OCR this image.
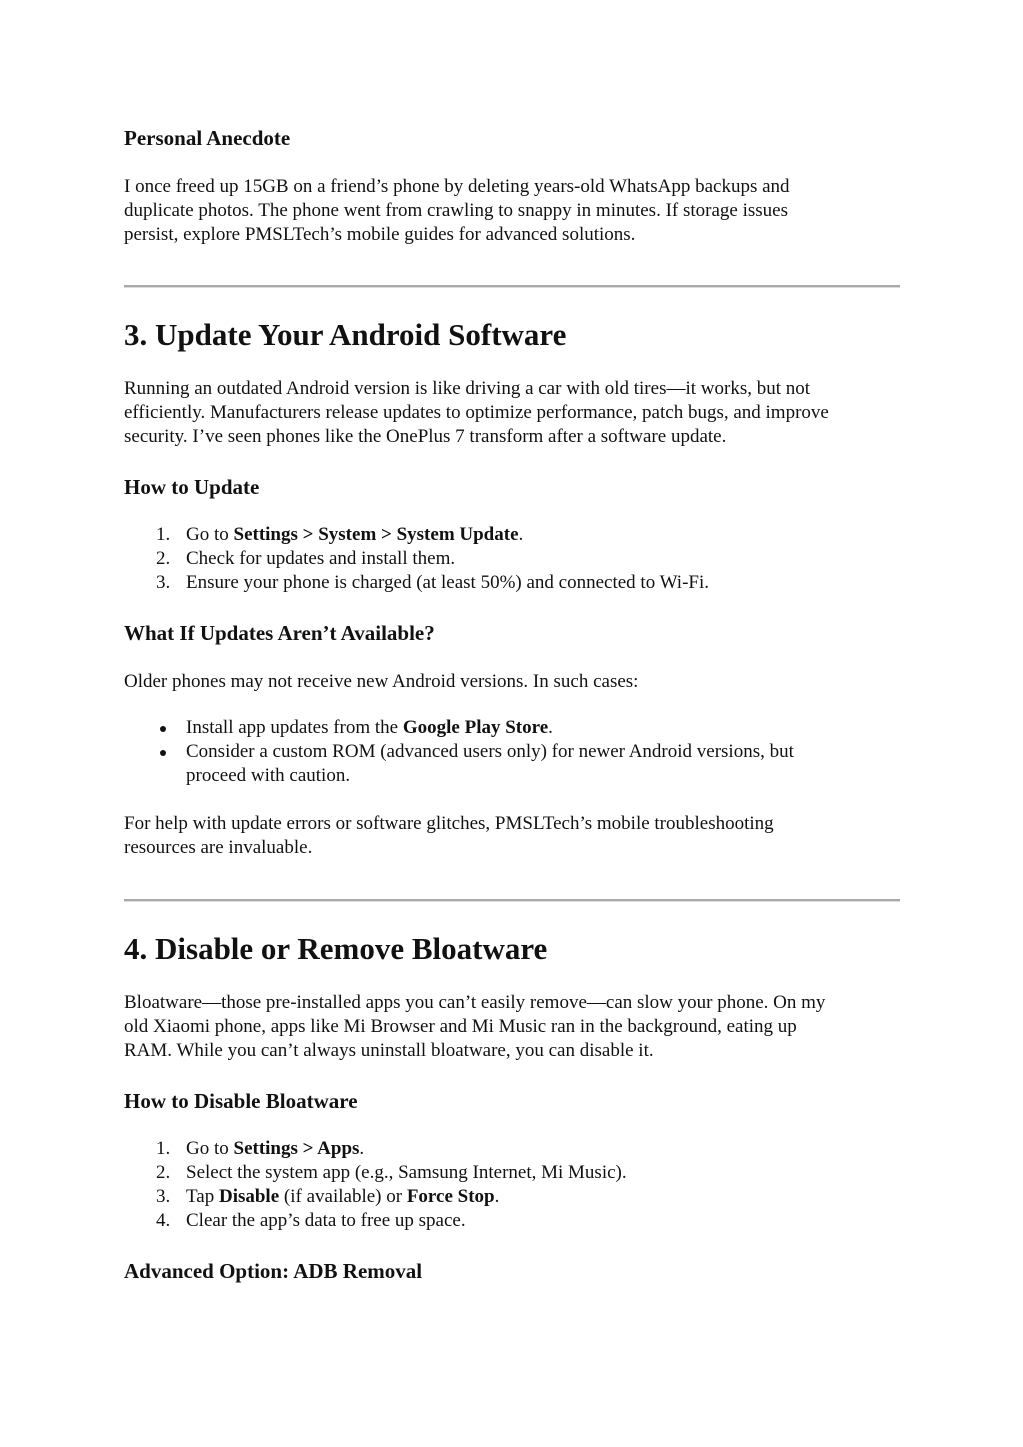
Personal Anecdote
I once freed up 15GB on a friend’s phone by deleting years-old WhatsApp backups and
duplicate photos. The phone went from crawling to snappy in minutes. If storage issues
persist, explore PMSLTech’s mobile guides for advanced solutions.
3. Update Your Android Software
Running an outdated Android version is like driving a car with old tires—it works, but not
efficiently. Manufacturers release updates to optimize performance, patch bugs, and improve
security. I’ve seen phones like the OnePlus 7 transform after a software update.
How to Update
1. Go to Settings > System > System Update.
2. Check for updates and install them.
3. Ensure your phone is charged (at least 50%) and connected to Wi-Fi.
What If Updates Aren’t Available?
Older phones may not receive new Android versions. In such cases:
Install app updates from the Google Play Store.
Consider a custom ROM (advanced users only) for newer Android versions, but
proceed with caution.
For help with update errors or software glitches, PMSLTech’s mobile troubleshooting
resources are invaluable.
4. Disable or Remove Bloatware
Bloatware—those pre-installed apps you can’t easily remove—can slow your phone. On my
old Xiaomi phone, apps like Mi Browser and Mi Music ran in the background, eating up
RAM. While you can’t always uninstall bloatware, you can disable it.
How to Disable Bloatware
1. Go to Settings > Apps.
2. Select the system app (e.g., Samsung Internet, Mi Music).
3. Tap Disable (if available) or Force Stop.
4. Clear the app’s data to free up space.
Advanced Option: ADB Removal
